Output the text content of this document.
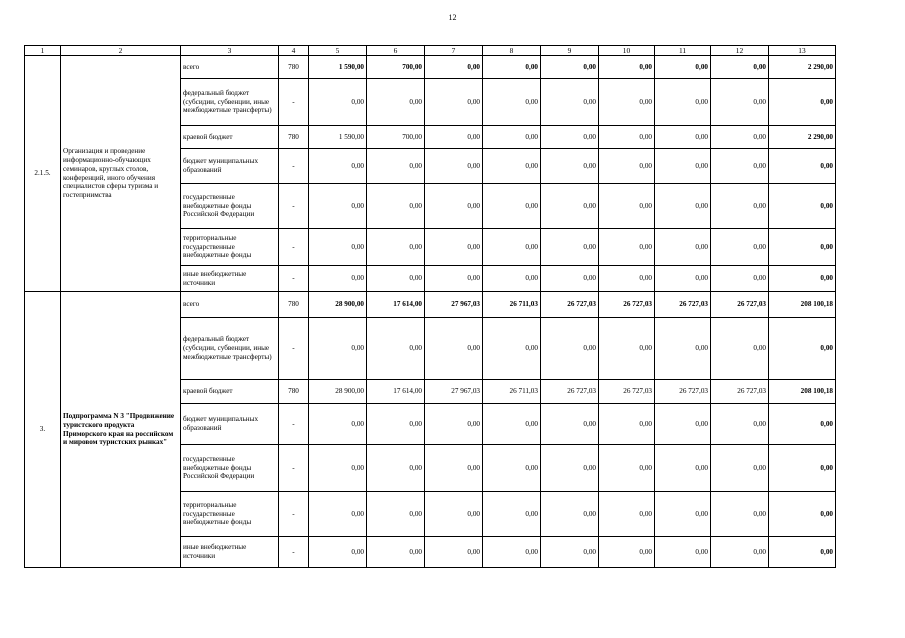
12
1	2	3	4	5	6	7	8	9	10	11	12	13
2.1.5.	Организация и проведение информационно-обучающих семинаров, круглых столов, конференций, иного обучения специалистов сферы туризма и гостеприимства	всего	780	1 590,00	700,00	0,00	0,00	0,00	0,00	0,00	0,00	2 290,00
		федеральный бюджет (субсидии, субвенции, иные межбюджетные трансферты)	-	0,00	0,00	0,00	0,00	0,00	0,00	0,00	0,00	0,00
		краевой бюджет	780	1 590,00	700,00	0,00	0,00	0,00	0,00	0,00	0,00	2 290,00
		бюджет муниципальных образований	-	0,00	0,00	0,00	0,00	0,00	0,00	0,00	0,00	0,00
		государственные внебюджетные фонды Российской Федерации	-	0,00	0,00	0,00	0,00	0,00	0,00	0,00	0,00	0,00
		территориальные государственные внебюджетные фонды	-	0,00	0,00	0,00	0,00	0,00	0,00	0,00	0,00	0,00
		иные внебюджетные источники	-	0,00	0,00	0,00	0,00	0,00	0,00	0,00	0,00	0,00
3.	Подпрограмма N 3 "Продвижение туристского продукта Приморского края на российском и мировом туристских рынках"	всего	780	28 900,00	17 614,00	27 967,03	26 711,03	26 727,03	26 727,03	26 727,03	26 727,03	208 100,18
		федеральный бюджет (субсидии, субвенции, иные межбюджетные трансферты)	-	0,00	0,00	0,00	0,00	0,00	0,00	0,00	0,00	0,00
		краевой бюджет	780	28 900,00	17 614,00	27 967,03	26 711,03	26 727,03	26 727,03	26 727,03	26 727,03	208 100,18
		бюджет муниципальных образований	-	0,00	0,00	0,00	0,00	0,00	0,00	0,00	0,00	0,00
		государственные внебюджетные фонды Российской Федерации	-	0,00	0,00	0,00	0,00	0,00	0,00	0,00	0,00	0,00
		территориальные государственные внебюджетные фонды	-	0,00	0,00	0,00	0,00	0,00	0,00	0,00	0,00	0,00
		иные внебюджетные источники	-	0,00	0,00	0,00	0,00	0,00	0,00	0,00	0,00	0,00
